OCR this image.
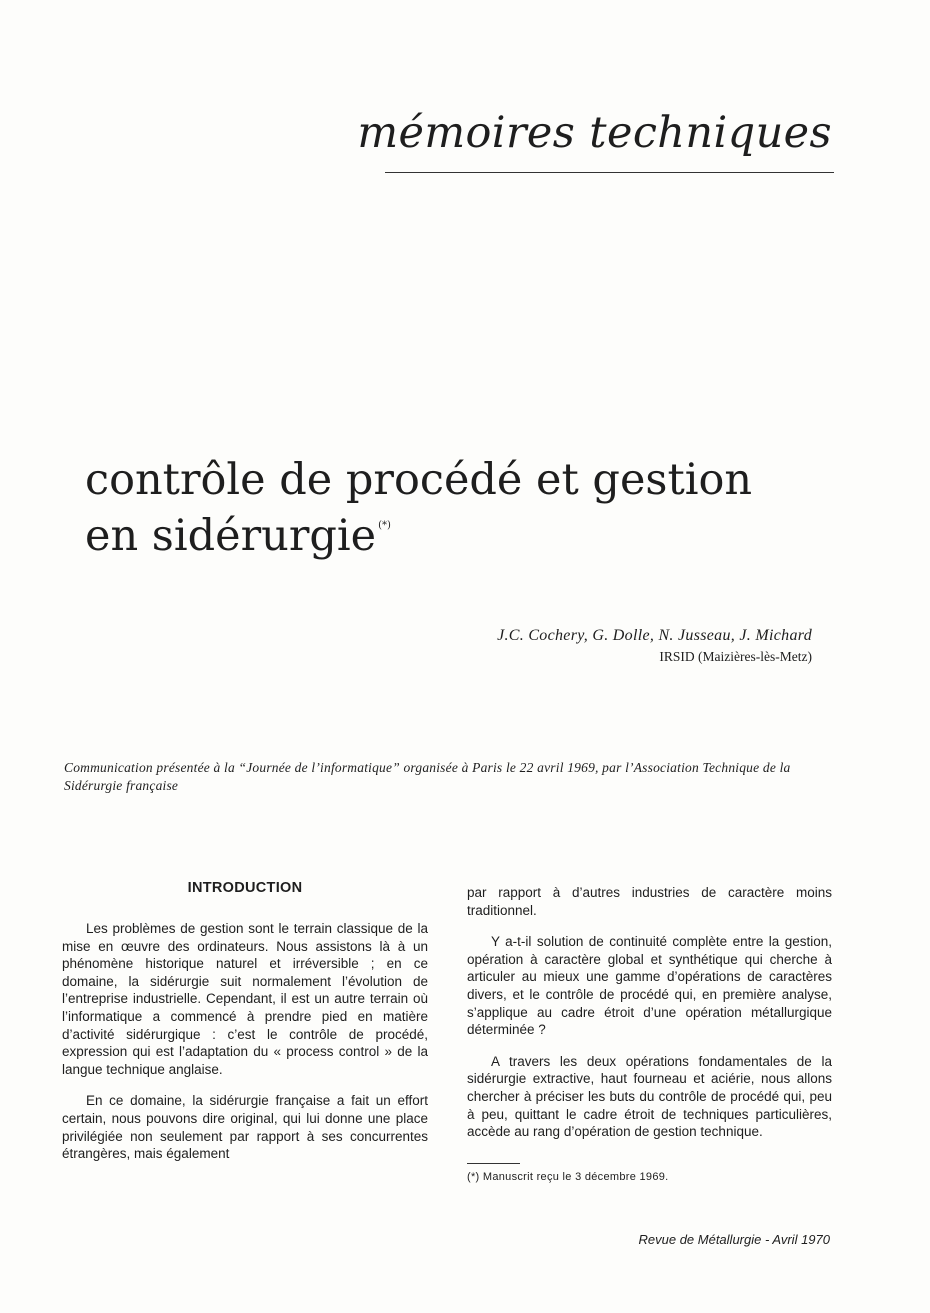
mémoires techniques
contrôle de procédé et gestion
en sidérurgie (*)
J.C. Cochery, G. Dolle, N. Jusseau, J. Michard
IRSID (Maizières-lès-Metz)
Communication présentée à la “Journée de l’informatique” organisée à Paris le 22 avril 1969, par l’Association Technique de la Sidérurgie française
INTRODUCTION

Les problèmes de gestion sont le terrain classique de la mise en œuvre des ordinateurs. Nous assistons là à un phénomène historique naturel et irréversible ; en ce domaine, la sidérurgie suit normalement l’évolution de l’entreprise industrielle. Cependant, il est un autre terrain où l’informatique a commencé à prendre pied en matière d’activité sidérurgique : c’est le contrôle de procédé, expression qui est l’adaptation du « process control » de la langue technique anglaise.

En ce domaine, la sidérurgie française a fait un effort certain, nous pouvons dire original, qui lui donne une place privilégiée non seulement par rapport à ses concurrentes étrangères, mais également

par rapport à d’autres industries de caractère moins traditionnel.

Y a-t-il solution de continuité complète entre la gestion, opération à caractère global et synthétique qui cherche à articuler au mieux une gamme d’opérations de caractères divers, et le contrôle de procédé qui, en première analyse, s’applique au cadre étroit d’une opération métallurgique déterminée ?

A travers les deux opérations fondamentales de la sidérurgie extractive, haut fourneau et aciérie, nous allons chercher à préciser les buts du contrôle de procédé qui, peu à peu, quittant le cadre étroit de techniques particulières, accède au rang d’opération de gestion technique.

(*) Manuscrit reçu le 3 décembre 1969.
Revue de Métallurgie - Avril 1970
